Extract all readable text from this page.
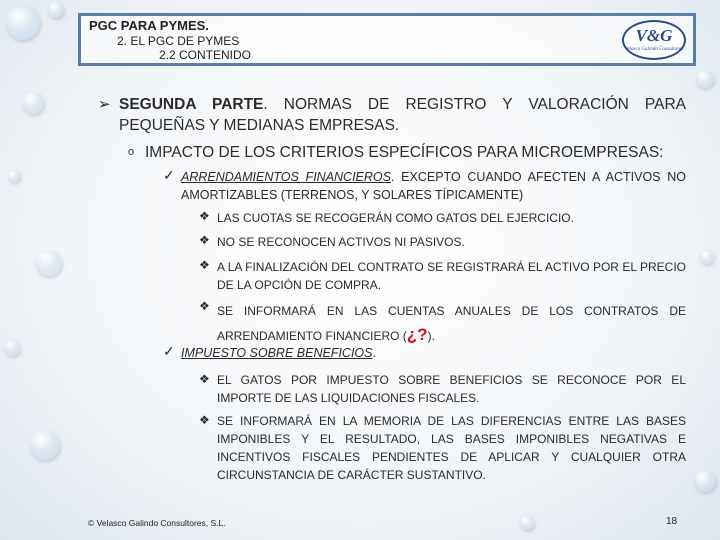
PGC PARA PYMES.
2. EL PGC DE PYMES
2.2 CONTENIDO
V&G
Velasco Galindo Consultores
➢ SEGUNDA PARTE. NORMAS DE REGISTRO Y VALORACIÓN PARA PEQUEÑAS Y MEDIANAS EMPRESAS.
o IMPACTO DE LOS CRITERIOS ESPECÍFICOS PARA MICROEMPRESAS:
✓ ARRENDAMIENTOS FINANCIEROS. EXCEPTO CUANDO AFECTEN A ACTIVOS NO AMORTIZABLES (TERRENOS, Y SOLARES TÍPICAMENTE)
❖ LAS CUOTAS SE RECOGERÁN COMO GATOS DEL EJERCICIO.
❖ NO SE RECONOCEN ACTIVOS NI PASIVOS.
❖ A LA FINALIZACIÓN DEL CONTRATO SE REGISTRARÁ EL ACTIVO POR EL PRECIO DE LA OPCIÓN DE COMPRA.
❖ SE INFORMARÁ EN LAS CUENTAS ANUALES DE LOS CONTRATOS DE ARRENDAMIENTO FINANCIERO (¿?).
✓ IMPUESTO SOBRE BENEFICIOS.
❖ EL GATOS POR IMPUESTO SOBRE BENEFICIOS SE RECONOCE POR EL IMPORTE DE LAS LIQUIDACIONES FISCALES.
❖ SE INFORMARÁ EN LA MEMORIA DE LAS DIFERENCIAS ENTRE LAS BASES IMPONIBLES Y EL RESULTADO, LAS BASES IMPONIBLES NEGATIVAS E INCENTIVOS FISCALES PENDIENTES DE APLICAR Y CUALQUIER OTRA CIRCUNSTANCIA DE CARÁCTER SUSTANTIVO.
© Velasco Galindo Consultores, S.L.	18
